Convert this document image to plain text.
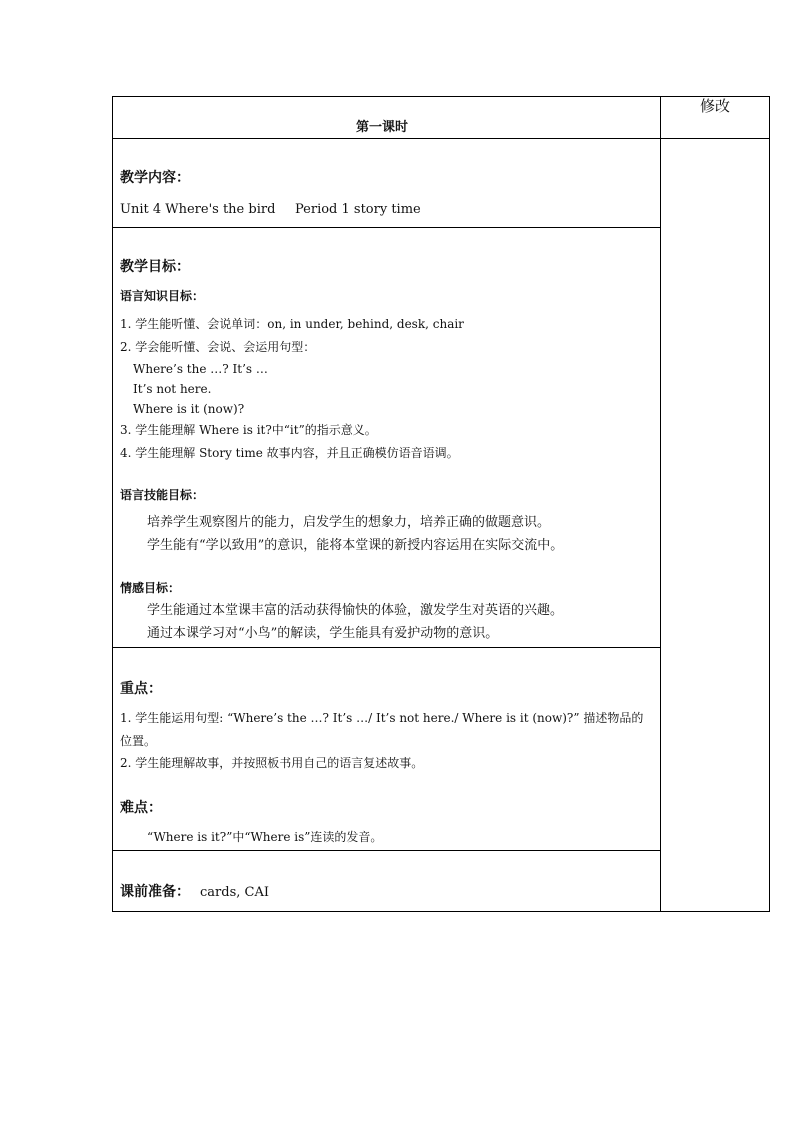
第一课时
修改
教学内容：
Unit 4 Where's the bird Period 1 story time
教学目标：
语言知识目标：
1. 学生能听懂、会说单词：on, in under, behind, desk, chair
2. 学会能听懂、会说、会运用句型：
Where’s the …? It’s …
It’s not here.
Where is it (now)?
3. 学生能理解 Where is it?中“it”的指示意义。
4. 学生能理解 Story time 故事内容，并且正确模仿语音语调。
语言技能目标：
培养学生观察图片的能力，启发学生的想象力，培养正确的做题意识。
学生能有“学以致用”的意识，能将本堂课的新授内容运用在实际交流中。
情感目标：
学生能通过本堂课丰富的活动获得愉快的体验，激发学生对英语的兴趣。
通过本课学习对“小鸟”的解读，学生能具有爱护动物的意识。
重点：
1. 学生能运用句型: “Where’s the …? It’s …/ It’s not here./ Where is it (now)?” 描述物品的
位置。
2. 学生能理解故事，并按照板书用自己的语言复述故事。
难点：
“Where is it?”中“Where is”连读的发音。
课前准备： cards, CAI
